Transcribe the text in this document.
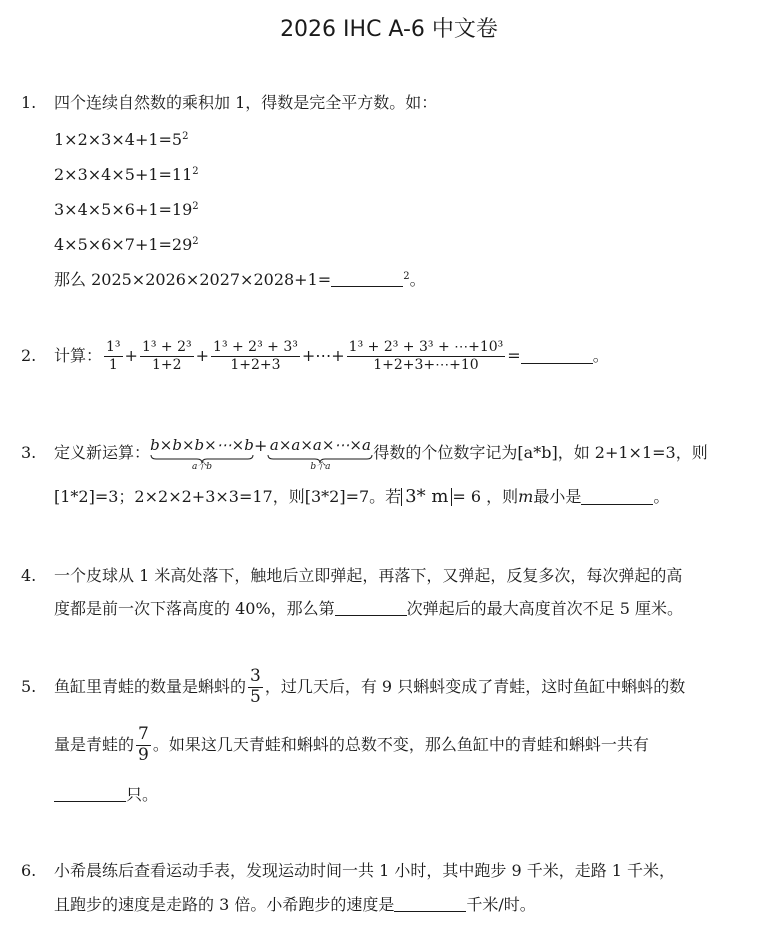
2026 IHC A-6 中文卷
1. 四个连续自然数的乘积加 1，得数是完全平方数。如：
$1\times 2\times 3\times 4+1=5^2$
$2\times 3\times 4\times 5+1=11^2$
$3\times 4\times 5\times 6+1=19^2$
$4\times 5\times 6\times 7+1=29^2$
那么 2025×2026×2027×2028+1=	$^2$。
2. 计算： $\frac{\text{1³}}{1} + \frac{\text{1³ + 2³}}{1+2} + \frac{\text{1³ + 2³ + 3³}}{1+2+3}$ +⋯+ $\frac{\text{1³ + 2³ + 3³ + ⋯+10³}}{1+2+3+\cdots+10}$ =	。
3. 定义新运算： b×b×b×⋯×b
a个b
+ a×a×a×⋯×a
b个a
得数的个位数字记为[a*b]，如 2+1×1=3，则
[1*2]=3；2×2×2+3×3=17，则[3*2]=7。若 3* m = 6 ，则 m 最小是	。
4. 一个皮球从 1 米高处落下，触地后立即弹起，再落下，又弹起，反复多次，每次弹起的高
度都是前一次下落高度的 40%，那么第	次弹起后的最大高度首次不足 5 厘米。
5. 鱼缸里青蛙的数量是蝌蚪的 $\frac{3}{5}$ ，过几天后，有 9 只蝌蚪变成了青蛙，这时鱼缸中蝌蚪的数
量是青蛙的 $\frac{7}{9}$ 。如果这几天青蛙和蝌蚪的总数不变，那么鱼缸中的青蛙和蝌蚪一共有
只。
6. 小希晨练后查看运动手表，发现运动时间一共 1 小时，其中跑步 9 千米，走路 1 千米，
且跑步的速度是走路的 3 倍。小希跑步的速度是	千米/时。
